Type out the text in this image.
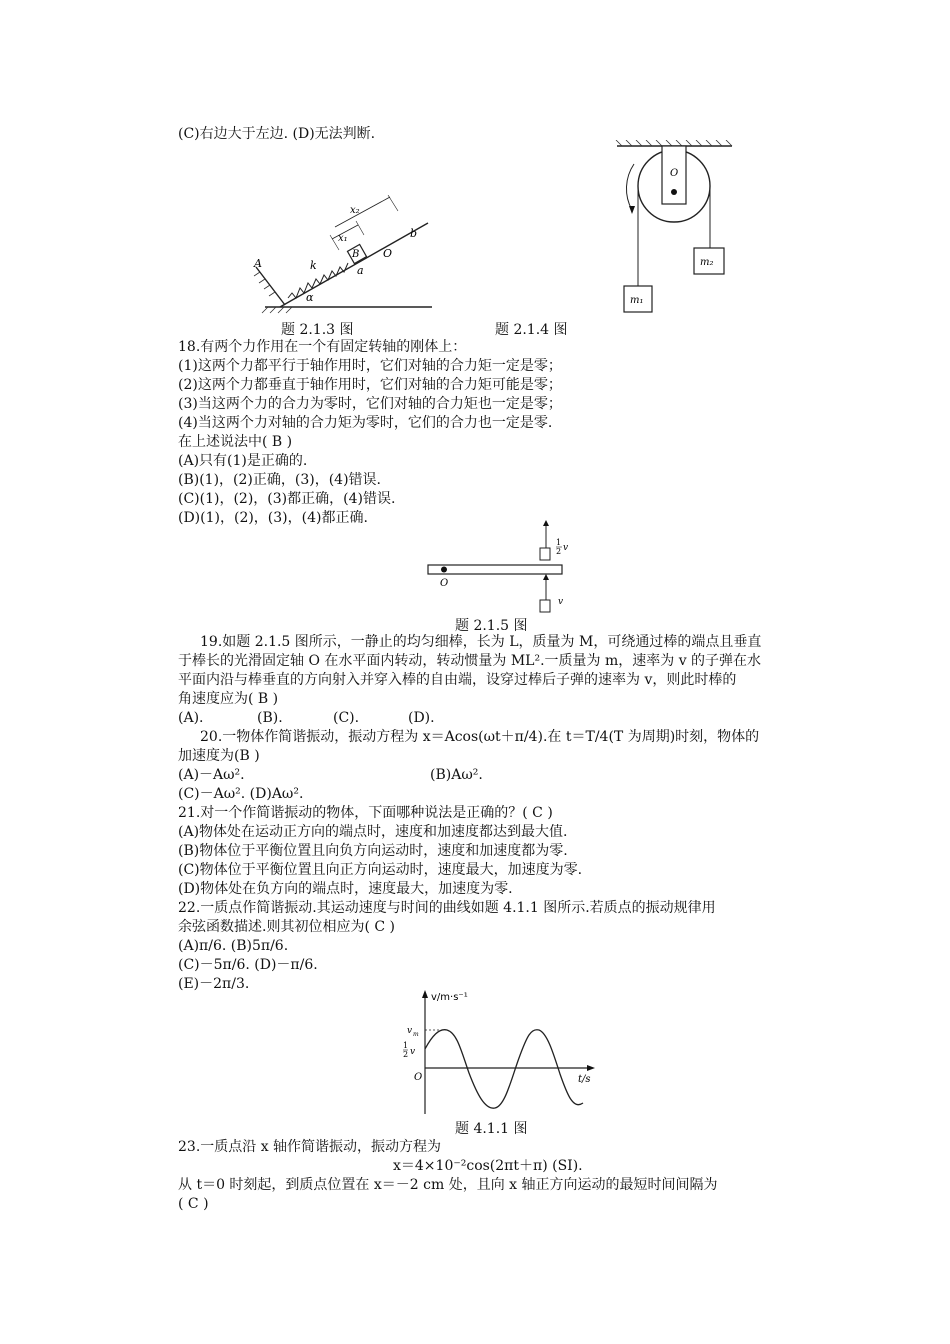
(C)右边大于左边. (D)无法判断.
A
B O
a
b
k
α
x₁
x₂
题 2.1.3 图
O
m₁
m₂
题 2.1.4 图
18.有两个力作用在一个有固定转轴的刚体上：
(1)这两个力都平行于轴作用时，它们对轴的合力矩一定是零；
(2)这两个力都垂直于轴作用时，它们对轴的合力矩可能是零；
(3)当这两个力的合力为零时，它们对轴的合力矩也一定是零；
(4)当这两个力对轴的合力矩为零时，它们的合力也一定是零.
在上述说法中( B )
(A)只有(1)是正确的.
(B)(1)，(2)正确，(3)，(4)错误.
(C)(1)，(2)，(3)都正确，(4)错误.
(D)(1)，(2)，(3)，(4)都正确.
1
2 v
v
O
题 2.1.5 图
19.如题 2.1.5 图所示，一静止的均匀细棒，长为 L，质量为 M，可绕通过棒的端点且垂直
于棒长的光滑固定轴 O 在水平面内转动，转动惯量为 ML².一质量为 m，速率为 v 的子弹在水
平面内沿与棒垂直的方向射入并穿入棒的自由端，设穿过棒后子弹的速率为 v，则此时棒的
角速度应为( B )
(A).	(B).	(C).	(D).
20.一物体作简谐振动，振动方程为 x＝Acos(ωt＋π/4).在 t＝T/4(T 为周期)时刻，物体的
加速度为(B )
(A)－Aω².	(B)Aω².
(C)－Aω². (D)Aω².
21.对一个作简谐振动的物体，下面哪种说法是正确的？( C )
(A)物体处在运动正方向的端点时，速度和加速度都达到最大值.
(B)物体位于平衡位置且向负方向运动时，速度和加速度都为零.
(C)物体位于平衡位置且向正方向运动时，速度最大，加速度为零.
(D)物体处在负方向的端点时，速度最大，加速度为零.
22.一质点作简谐振动.其运动速度与时间的曲线如题 4.1.1 图所示.若质点的振动规律用
余弦函数描述.则其初位相应为( C )
(A)π/6. (B)5π/6.
(C)－5π/6. (D)－π/6.
(E)－2π/3.
v/m·s⁻¹
v m
1
2 v
O	t/s
题 4.1.1 图
23.一质点沿 x 轴作简谐振动，振动方程为
x＝4×10⁻²cos(2πt＋π) (SI).
从 t＝0 时刻起，到质点位置在 x＝－2 cm 处，且向 x 轴正方向运动的最短时间间隔为
( C )
